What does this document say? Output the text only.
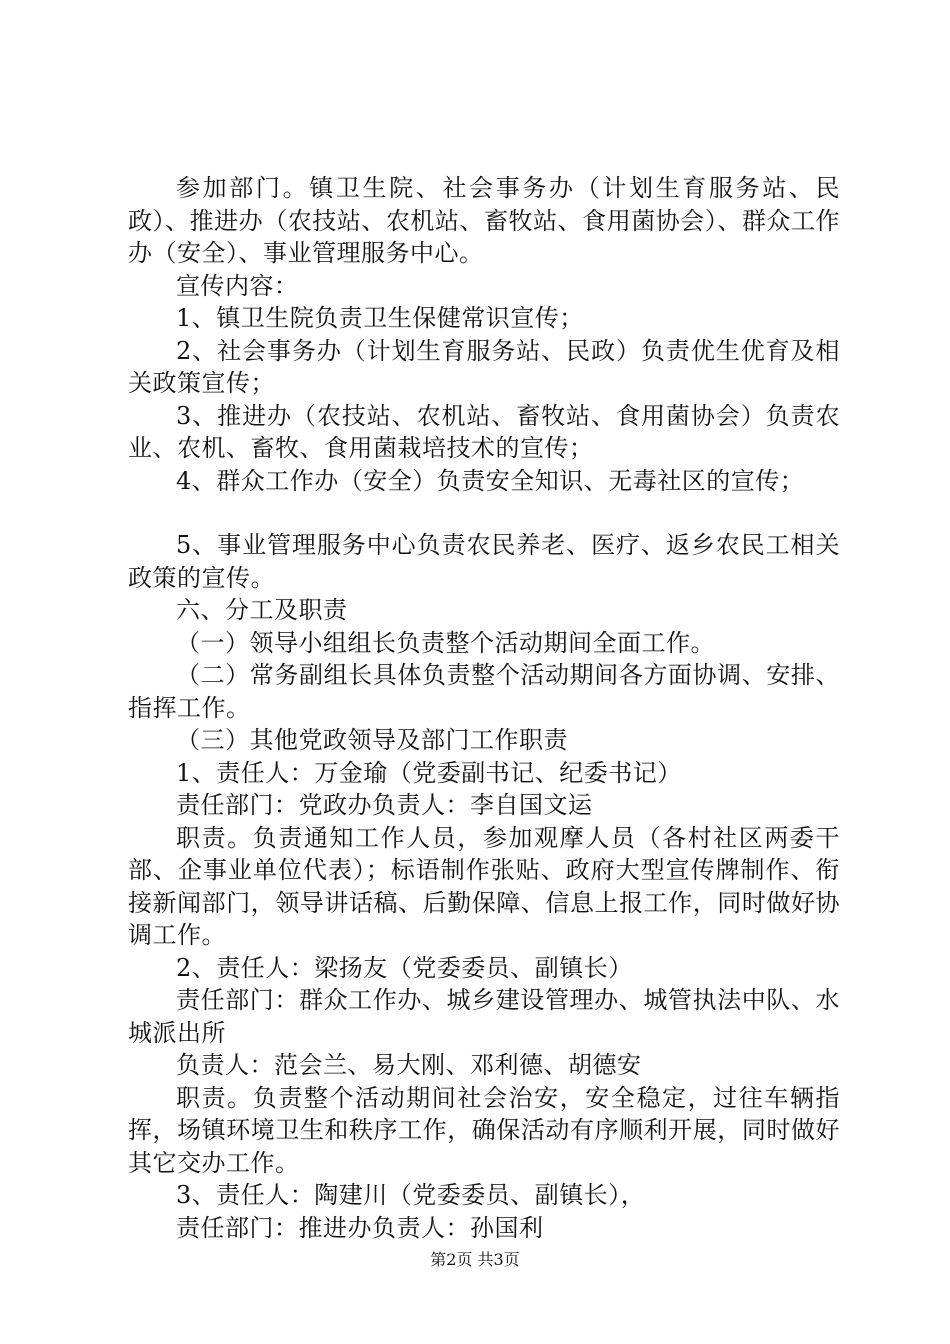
参加部门。镇卫生院、社会事务办（计划生育服务站、民政）、推进办（农技站、农机站、畜牧站、食用菌协会）、群众工作办（安全）、事业管理服务中心。

宣传内容：

1、镇卫生院负责卫生保健常识宣传；

2、社会事务办（计划生育服务站、民政）负责优生优育及相关政策宣传；

3、推进办（农技站、农机站、畜牧站、食用菌协会）负责农业、农机、畜牧、食用菌栽培技术的宣传；

4、群众工作办（安全）负责安全知识、无毒社区的宣传；

5、事业管理服务中心负责农民养老、医疗、返乡农民工相关政策的宣传。

六、分工及职责

（一）领导小组组长负责整个活动期间全面工作。

（二）常务副组长具体负责整个活动期间各方面协调、安排、指挥工作。

（三）其他党政领导及部门工作职责

1、责任人：万金瑜（党委副书记、纪委书记）

责任部门：党政办负责人：李自国文运

职责。负责通知工作人员，参加观摩人员（各村社区两委干部、企事业单位代表）；标语制作张贴、政府大型宣传牌制作、衔接新闻部门，领导讲话稿、后勤保障、信息上报工作，同时做好协调工作。

2、责任人：梁扬友（党委委员、副镇长）

责任部门：群众工作办、城乡建设管理办、城管执法中队、水城派出所

负责人：范会兰、易大刚、邓利德、胡德安

职责。负责整个活动期间社会治安，安全稳定，过往车辆指挥，场镇环境卫生和秩序工作，确保活动有序顺利开展，同时做好其它交办工作。

3、责任人：陶建川（党委委员、副镇长），

责任部门：推进办负责人：孙国利

第2页 共3页
